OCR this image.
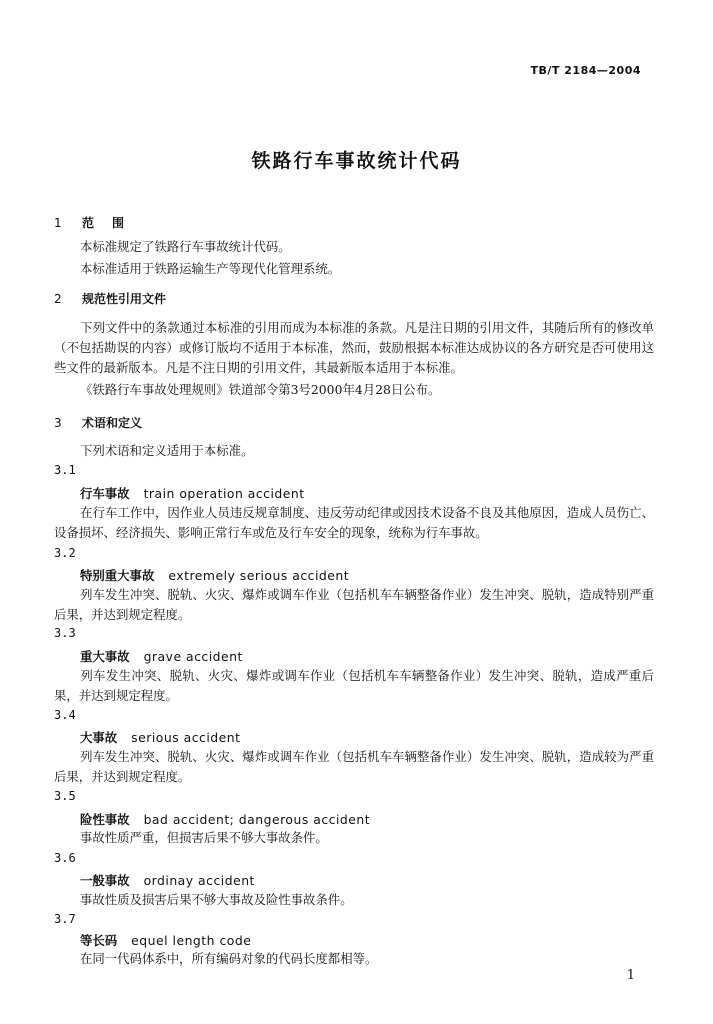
TB/T 2184—2004
铁路行车事故统计代码
1 范围
本标准规定了铁路行车事故统计代码。
本标准适用于铁路运输生产等现代化管理系统。
2 规范性引用文件
下列文件中的条款通过本标准的引用而成为本标准的条款。凡是注日期的引用文件，其随后所有的修改单（不包括勘误的内容）或修订版均不适用于本标准，然而，鼓励根据本标准达成协议的各方研究是否可使用这些文件的最新版本。凡是不注日期的引用文件，其最新版本适用于本标准。
《铁路行车事故处理规则》铁道部令第3号2000年4月28日公布。
3 术语和定义
下列术语和定义适用于本标准。
3.1
行车事故 train operation accident
在行车工作中，因作业人员违反规章制度、违反劳动纪律或因技术设备不良及其他原因，造成人员伤亡、设备损坏、经济损失、影响正常行车或危及行车安全的现象，统称为行车事故。
3.2
特别重大事故 extremely serious accident
列车发生冲突、脱轨、火灾、爆炸或调车作业（包括机车车辆整备作业）发生冲突、脱轨，造成特别严重后果，并达到规定程度。
3.3
重大事故 grave accident
列车发生冲突、脱轨、火灾、爆炸或调车作业（包括机车车辆整备作业）发生冲突、脱轨，造成严重后果，并达到规定程度。
3.4
大事故 serious accident
列车发生冲突、脱轨、火灾、爆炸或调车作业（包括机车车辆整备作业）发生冲突、脱轨，造成较为严重后果，并达到规定程度。
3.5
险性事故 bad accident; dangerous accident
事故性质严重，但损害后果不够大事故条件。
3.6
一般事故 ordinay accident
事故性质及损害后果不够大事故及险性事故条件。
3.7
等长码 equel length code
在同一代码体系中，所有编码对象的代码长度都相等。
1
